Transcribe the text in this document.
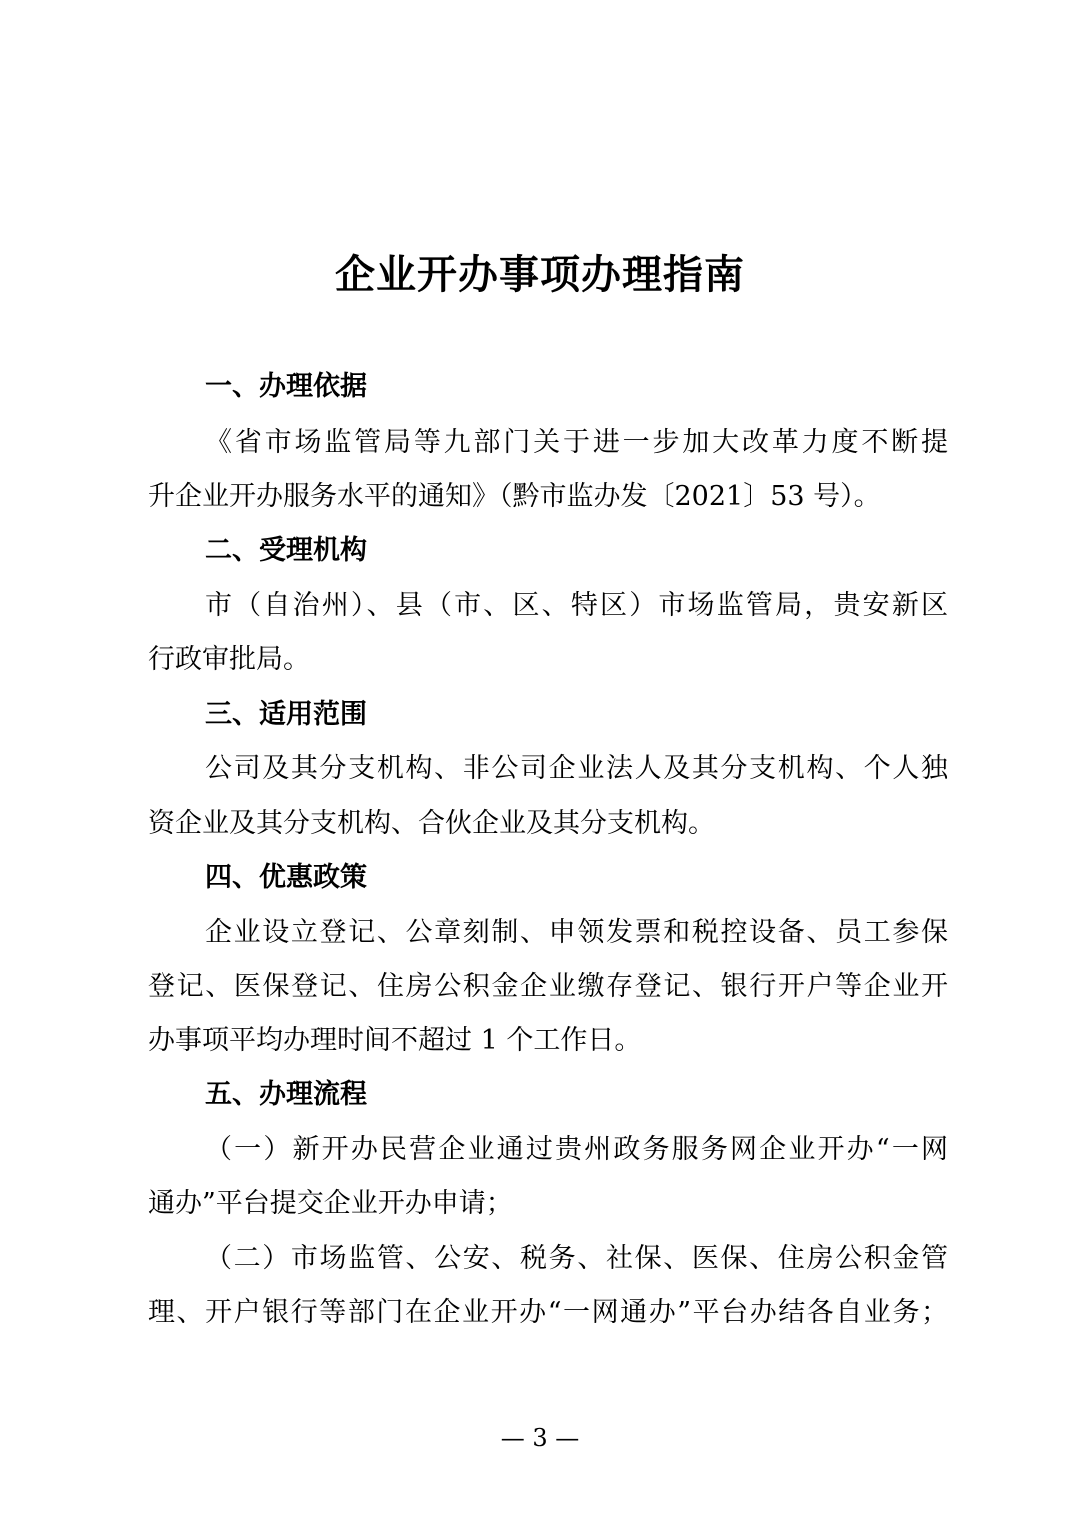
企业开办事项办理指南

一、办理依据

《省市场监管局等九部门关于进一步加大改革力度不断提

升企业开办服务水平的通知》（黔市监办发〔2021〕53 号）。

二、受理机构

市（自治州）、县（市、区、特区）市场监管局，贵安新区

行政审批局。

三、适用范围

公司及其分支机构、非公司企业法人及其分支机构、个人独

资企业及其分支机构、合伙企业及其分支机构。

四、优惠政策

企业设立登记、公章刻制、申领发票和税控设备、员工参保

登记、医保登记、住房公积金企业缴存登记、银行开户等企业开

办事项平均办理时间不超过 1 个工作日。

五、办理流程

（一）新开办民营企业通过贵州政务服务网企业开办“一网

通办”平台提交企业开办申请；

（二）市场监管、公安、税务、社保、医保、住房公积金管

理、开户银行等部门在企业开办“一网通办”平台办结各自业务；

— 3 —
